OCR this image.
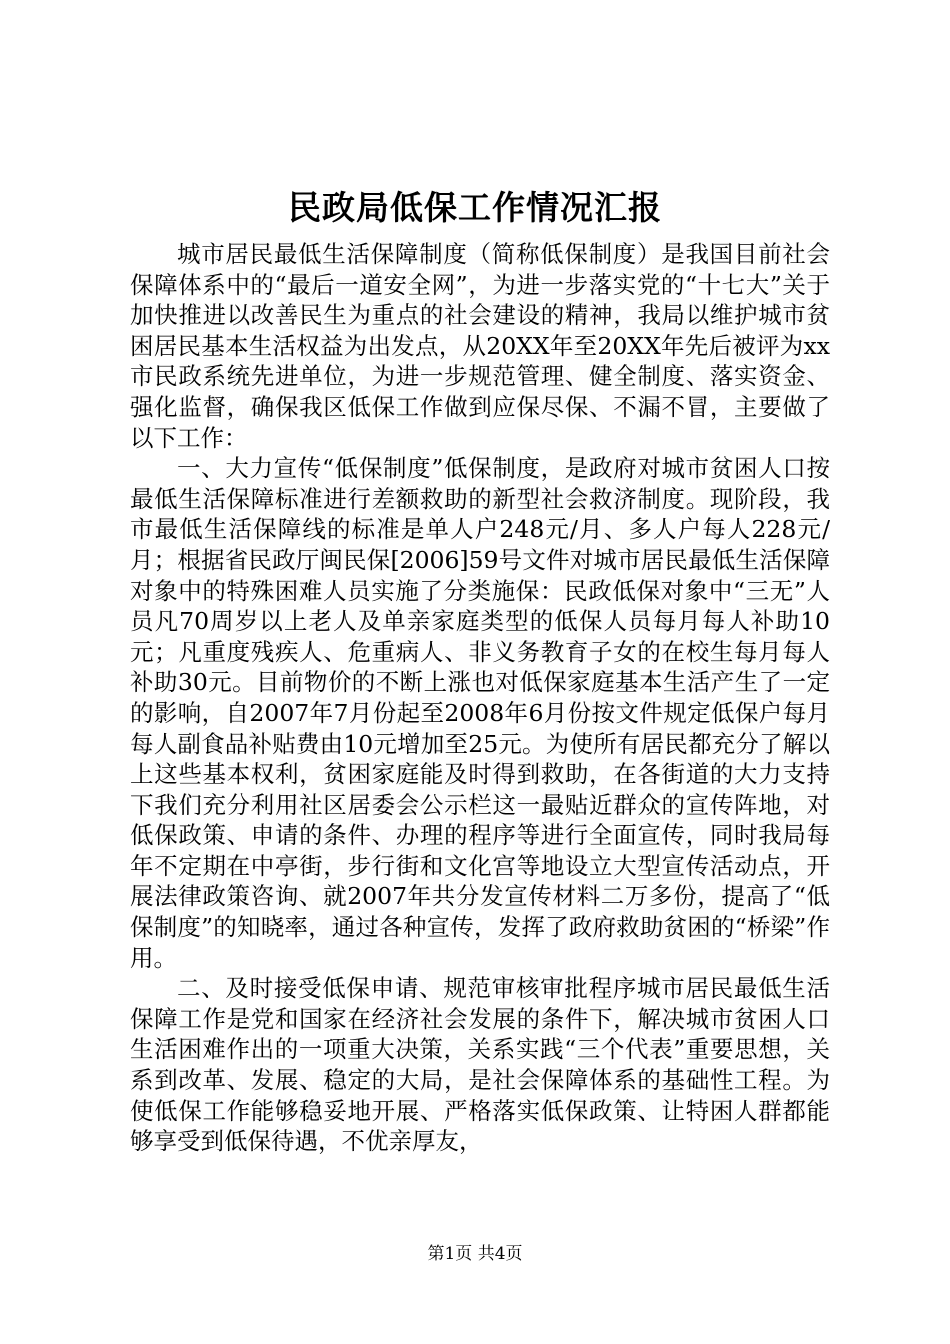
民政局低保工作情况汇报

城市居民最低生活保障制度（简称低保制度）是我国目前社会保障体系中的“最后一道安全网”，为进一步落实党的“十七大”关于加快推进以改善民生为重点的社会建设的精神，我局以维护城市贫困居民基本生活权益为出发点，从20XX年至20XX年先后被评为xx市民政系统先进单位，为进一步规范管理、健全制度、落实资金、强化监督，确保我区低保工作做到应保尽保、不漏不冒，主要做了以下工作：

一、大力宣传“低保制度”低保制度，是政府对城市贫困人口按最低生活保障标准进行差额救助的新型社会救济制度。现阶段，我市最低生活保障线的标准是单人户248元/月、多人户每人228元/月；根据省民政厅闽民保[2006]59号文件对城市居民最低生活保障对象中的特殊困难人员实施了分类施保：民政低保对象中“三无”人员凡70周岁以上老人及单亲家庭类型的低保人员每月每人补助10元；凡重度残疾人、危重病人、非义务教育子女的在校生每月每人补助30元。目前物价的不断上涨也对低保家庭基本生活产生了一定的影响，自2007年7月份起至2008年6月份按文件规定低保户每月每人副食品补贴费由10元增加至25元。为使所有居民都充分了解以上这些基本权利，贫困家庭能及时得到救助，在各街道的大力支持下我们充分利用社区居委会公示栏这一最贴近群众的宣传阵地，对低保政策、申请的条件、办理的程序等进行全面宣传，同时我局每年不定期在中亭街，步行街和文化宫等地设立大型宣传活动点，开展法律政策咨询、就2007年共分发宣传材料二万多份，提高了“低保制度”的知晓率，通过各种宣传，发挥了政府救助贫困的“桥梁”作用。

二、及时接受低保申请、规范审核审批程序城市居民最低生活保障工作是党和国家在经济社会发展的条件下，解决城市贫困人口生活困难作出的一项重大决策，关系实践“三个代表”重要思想，关系到改革、发展、稳定的大局，是社会保障体系的基础性工程。为使低保工作能够稳妥地开展、严格落实低保政策、让特困人群都能够享受到低保待遇，不优亲厚友，

第1页 共4页
